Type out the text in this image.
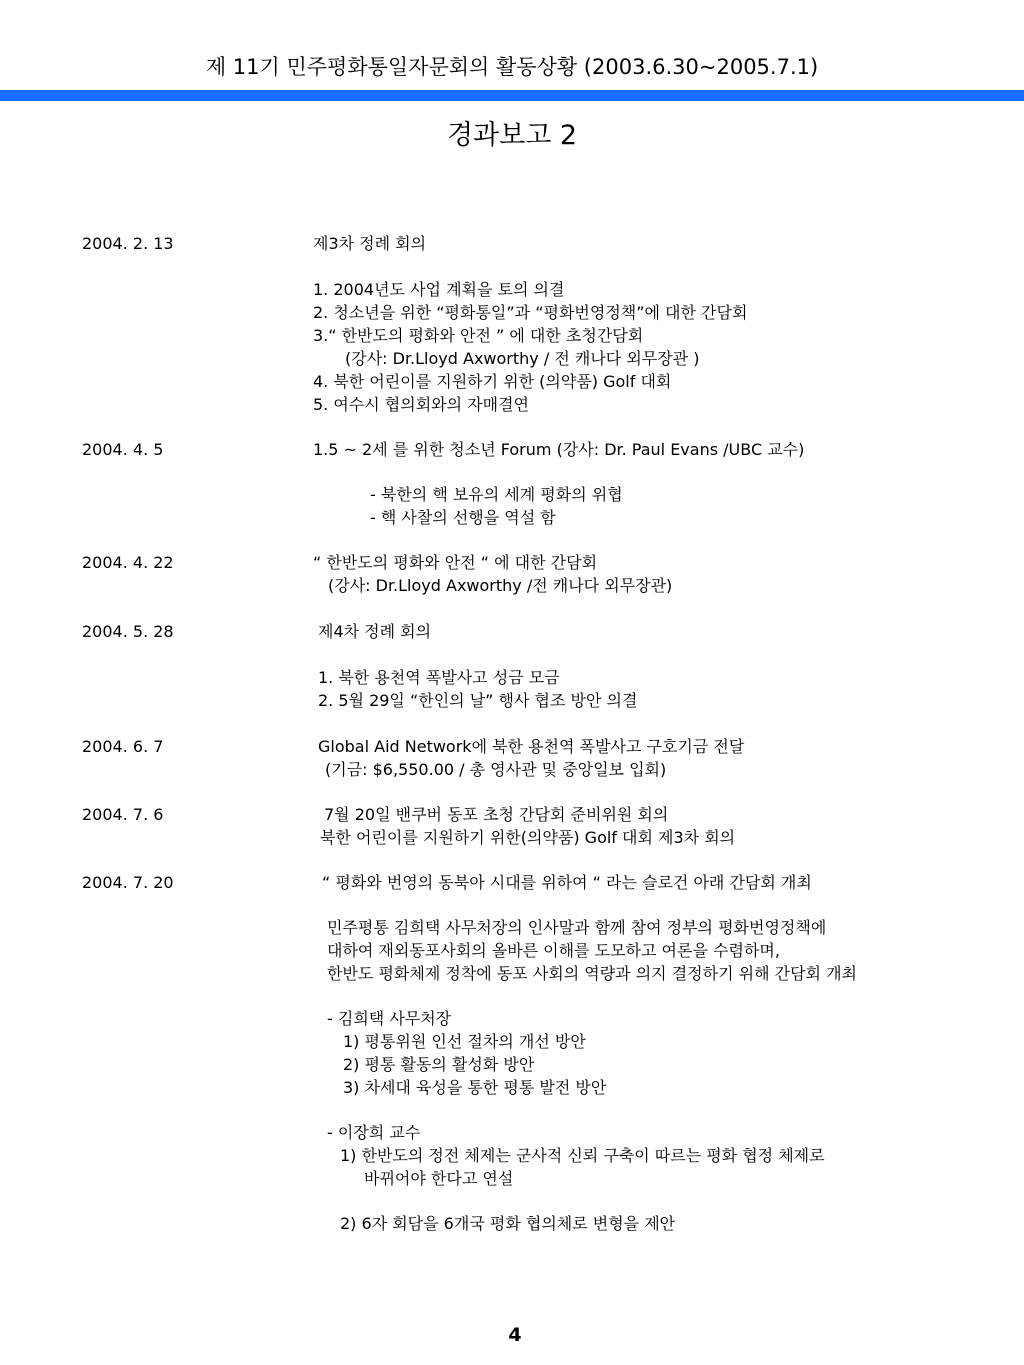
제 11기 민주평화통일자문회의 활동상황 (2003.6.30~2005.7.1)
경과보고 2
2004. 2. 13	제3차 정례 회의
1. 2004년도 사업 계획을 토의 의결
2. 청소년을 위한 “평화통일”과 “평화번영정책”에 대한 간담회
3.“ 한반도의 평화와 안전 ” 에 대한 초청간담회
(강사: Dr.Lloyd Axworthy / 전 캐나다 외무장관 )
4. 북한 어린이를 지원하기 위한 (의약품) Golf 대회
5. 여수시 협의회와의 자매결연
2004. 4. 5	1.5 ~ 2세 를 위한 청소년 Forum (강사: Dr. Paul Evans /UBC 교수)
- 북한의 핵 보유의 세계 평화의 위협
- 핵 사찰의 선행을 역설 함
2004. 4. 22	“ 한반도의 평화와 안전 “ 에 대한 간담회
(강사: Dr.Lloyd Axworthy /전 캐나다 외무장관)
2004. 5. 28	제4차 정례 회의
1. 북한 용천역 폭발사고 성금 모금
2. 5월 29일 “한인의 날” 행사 협조 방안 의결
2004. 6. 7	Global Aid Network에 북한 용천역 폭발사고 구호기금 전달
(기금: $6,550.00 / 총 영사관 및 중앙일보 입회)
2004. 7. 6	7월 20일 밴쿠버 동포 초청 간담회 준비위원 회의
북한 어린이를 지원하기 위한(의약품) Golf 대회 제3차 회의
2004. 7. 20	“ 평화와 번영의 동북아 시대를 위하여 “ 라는 슬로건 아래 간담회 개최
민주평통 김희택 사무처장의 인사말과 함께 참여 정부의 평화번영정책에
대하여 재외동포사회의 올바른 이해를 도모하고 여론을 수렴하며,
한반도 평화체제 정착에 동포 사회의 역량과 의지 결정하기 위해 간담회 개최
- 김희택 사무처장
1) 평통위원 인선 절차의 개선 방안
2) 평통 활동의 활성화 방안
3) 차세대 육성을 통한 평통 발전 방안
- 이장희 교수
1) 한반도의 정전 체제는 군사적 신뢰 구축이 따르는 평화 협정 체제로
바뀌어야 한다고 연설
2) 6자 회담을 6개국 평화 협의체로 변형을 제안
4
